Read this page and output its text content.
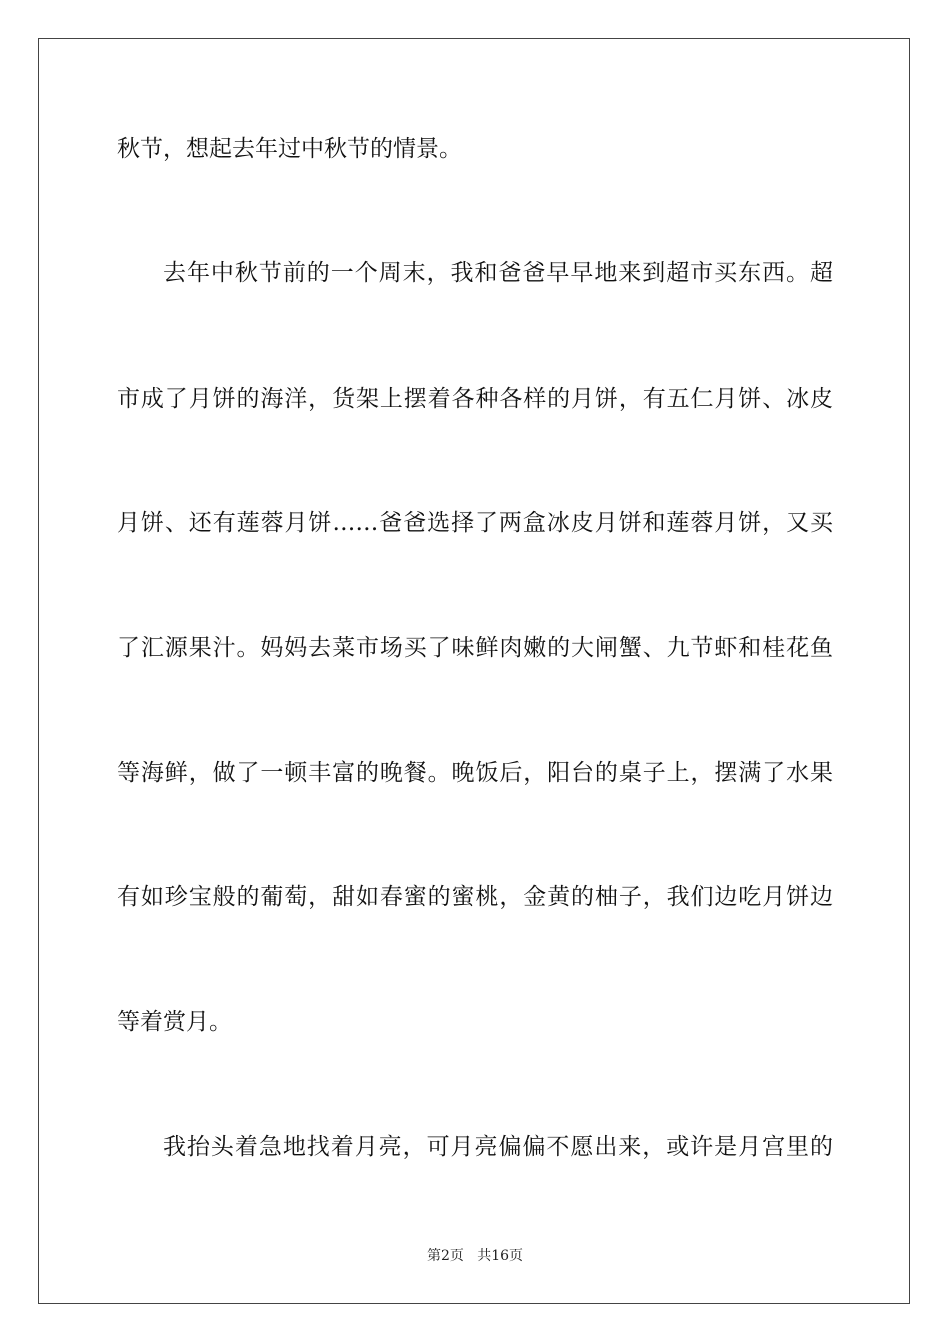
秋节，想起去年过中秋节的情景。
去年中秋节前的一个周末，我和爸爸早早地来到超市买东西。超
市成了月饼的海洋，货架上摆着各种各样的月饼，有五仁月饼、冰皮
月饼、还有莲蓉月饼……爸爸选择了两盒冰皮月饼和莲蓉月饼，又买
了汇源果汁。妈妈去菜市场买了味鲜肉嫩的大闸蟹、九节虾和桂花鱼
等海鲜，做了一顿丰富的晚餐。晚饭后，阳台的桌子上，摆满了水果
有如珍宝般的葡萄，甜如春蜜的蜜桃，金黄的柚子，我们边吃月饼边
等着赏月。
我抬头着急地找着月亮，可月亮偏偏不愿出来，或许是月宫里的
第2页   共16页
